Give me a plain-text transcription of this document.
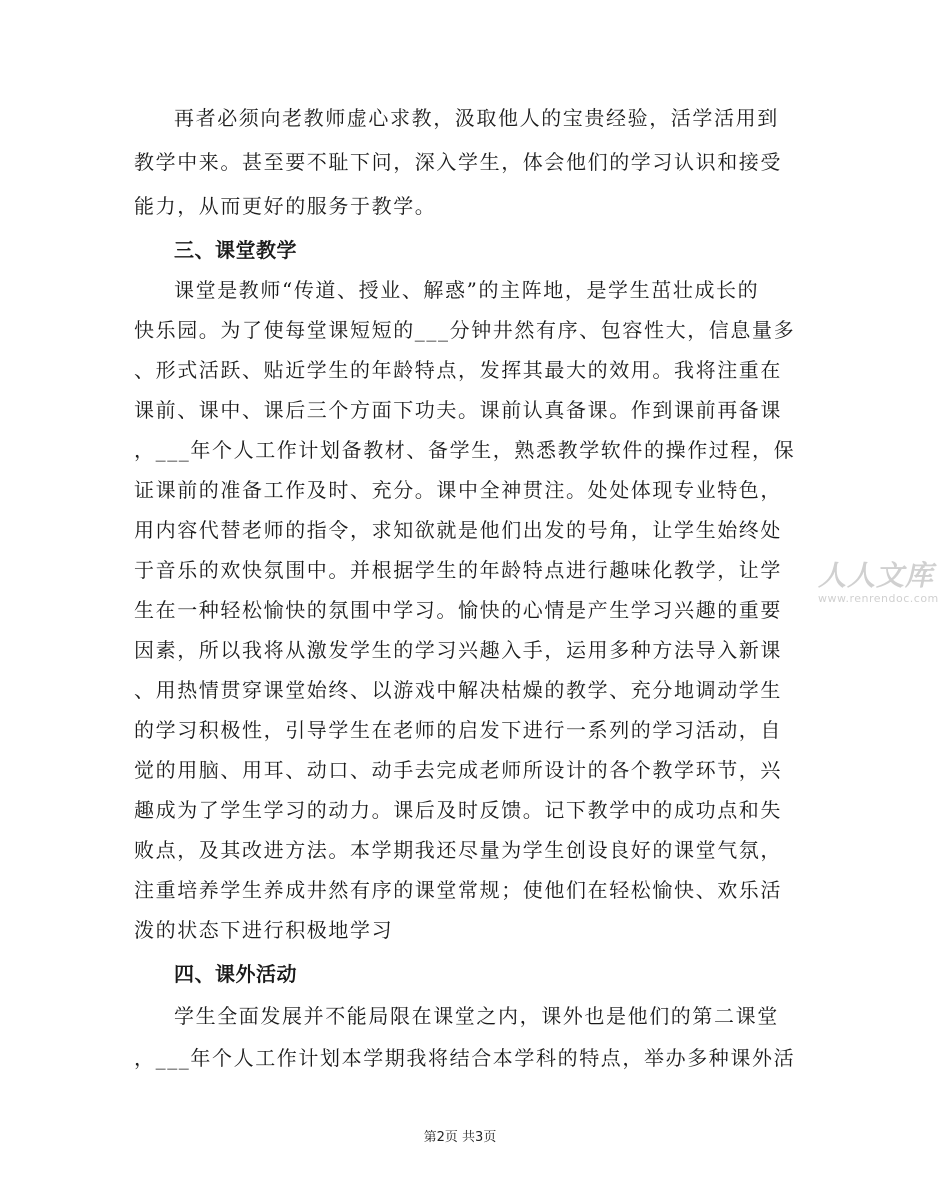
再者必须向老教师虚心求教，汲取他人的宝贵经验，活学活用到
教学中来。甚至要不耻下问，深入学生，体会他们的学习认识和接受
能力，从而更好的服务于教学。
三、课堂教学
课堂是教师“传道、授业、解惑”的主阵地，是学生茁壮成长的
快乐园。为了使每堂课短短的___分钟井然有序、包容性大，信息量多
、形式活跃、贴近学生的年龄特点，发挥其最大的效用。我将注重在
课前、课中、课后三个方面下功夫。课前认真备课。作到课前再备课
，___年个人工作计划备教材、备学生，熟悉教学软件的操作过程，保
证课前的准备工作及时、充分。课中全神贯注。处处体现专业特色，
用内容代替老师的指令，求知欲就是他们出发的号角，让学生始终处
于音乐的欢快氛围中。并根据学生的年龄特点进行趣味化教学，让学
生在一种轻松愉快的氛围中学习。愉快的心情是产生学习兴趣的重要
因素，所以我将从激发学生的学习兴趣入手，运用多种方法导入新课
、用热情贯穿课堂始终、以游戏中解决枯燥的教学、充分地调动学生
的学习积极性，引导学生在老师的启发下进行一系列的学习活动，自
觉的用脑、用耳、动口、动手去完成老师所设计的各个教学环节，兴
趣成为了学生学习的动力。课后及时反馈。记下教学中的成功点和失
败点，及其改进方法。本学期我还尽量为学生创设良好的课堂气氛，
注重培养学生养成井然有序的课堂常规；使他们在轻松愉快、欢乐活
泼的状态下进行积极地学习
四、课外活动
学生全面发展并不能局限在课堂之内，课外也是他们的第二课堂
，___年个人工作计划本学期我将结合本学科的特点，举办多种课外活
人人文库
www.renrendoc.com
第2页 共3页
